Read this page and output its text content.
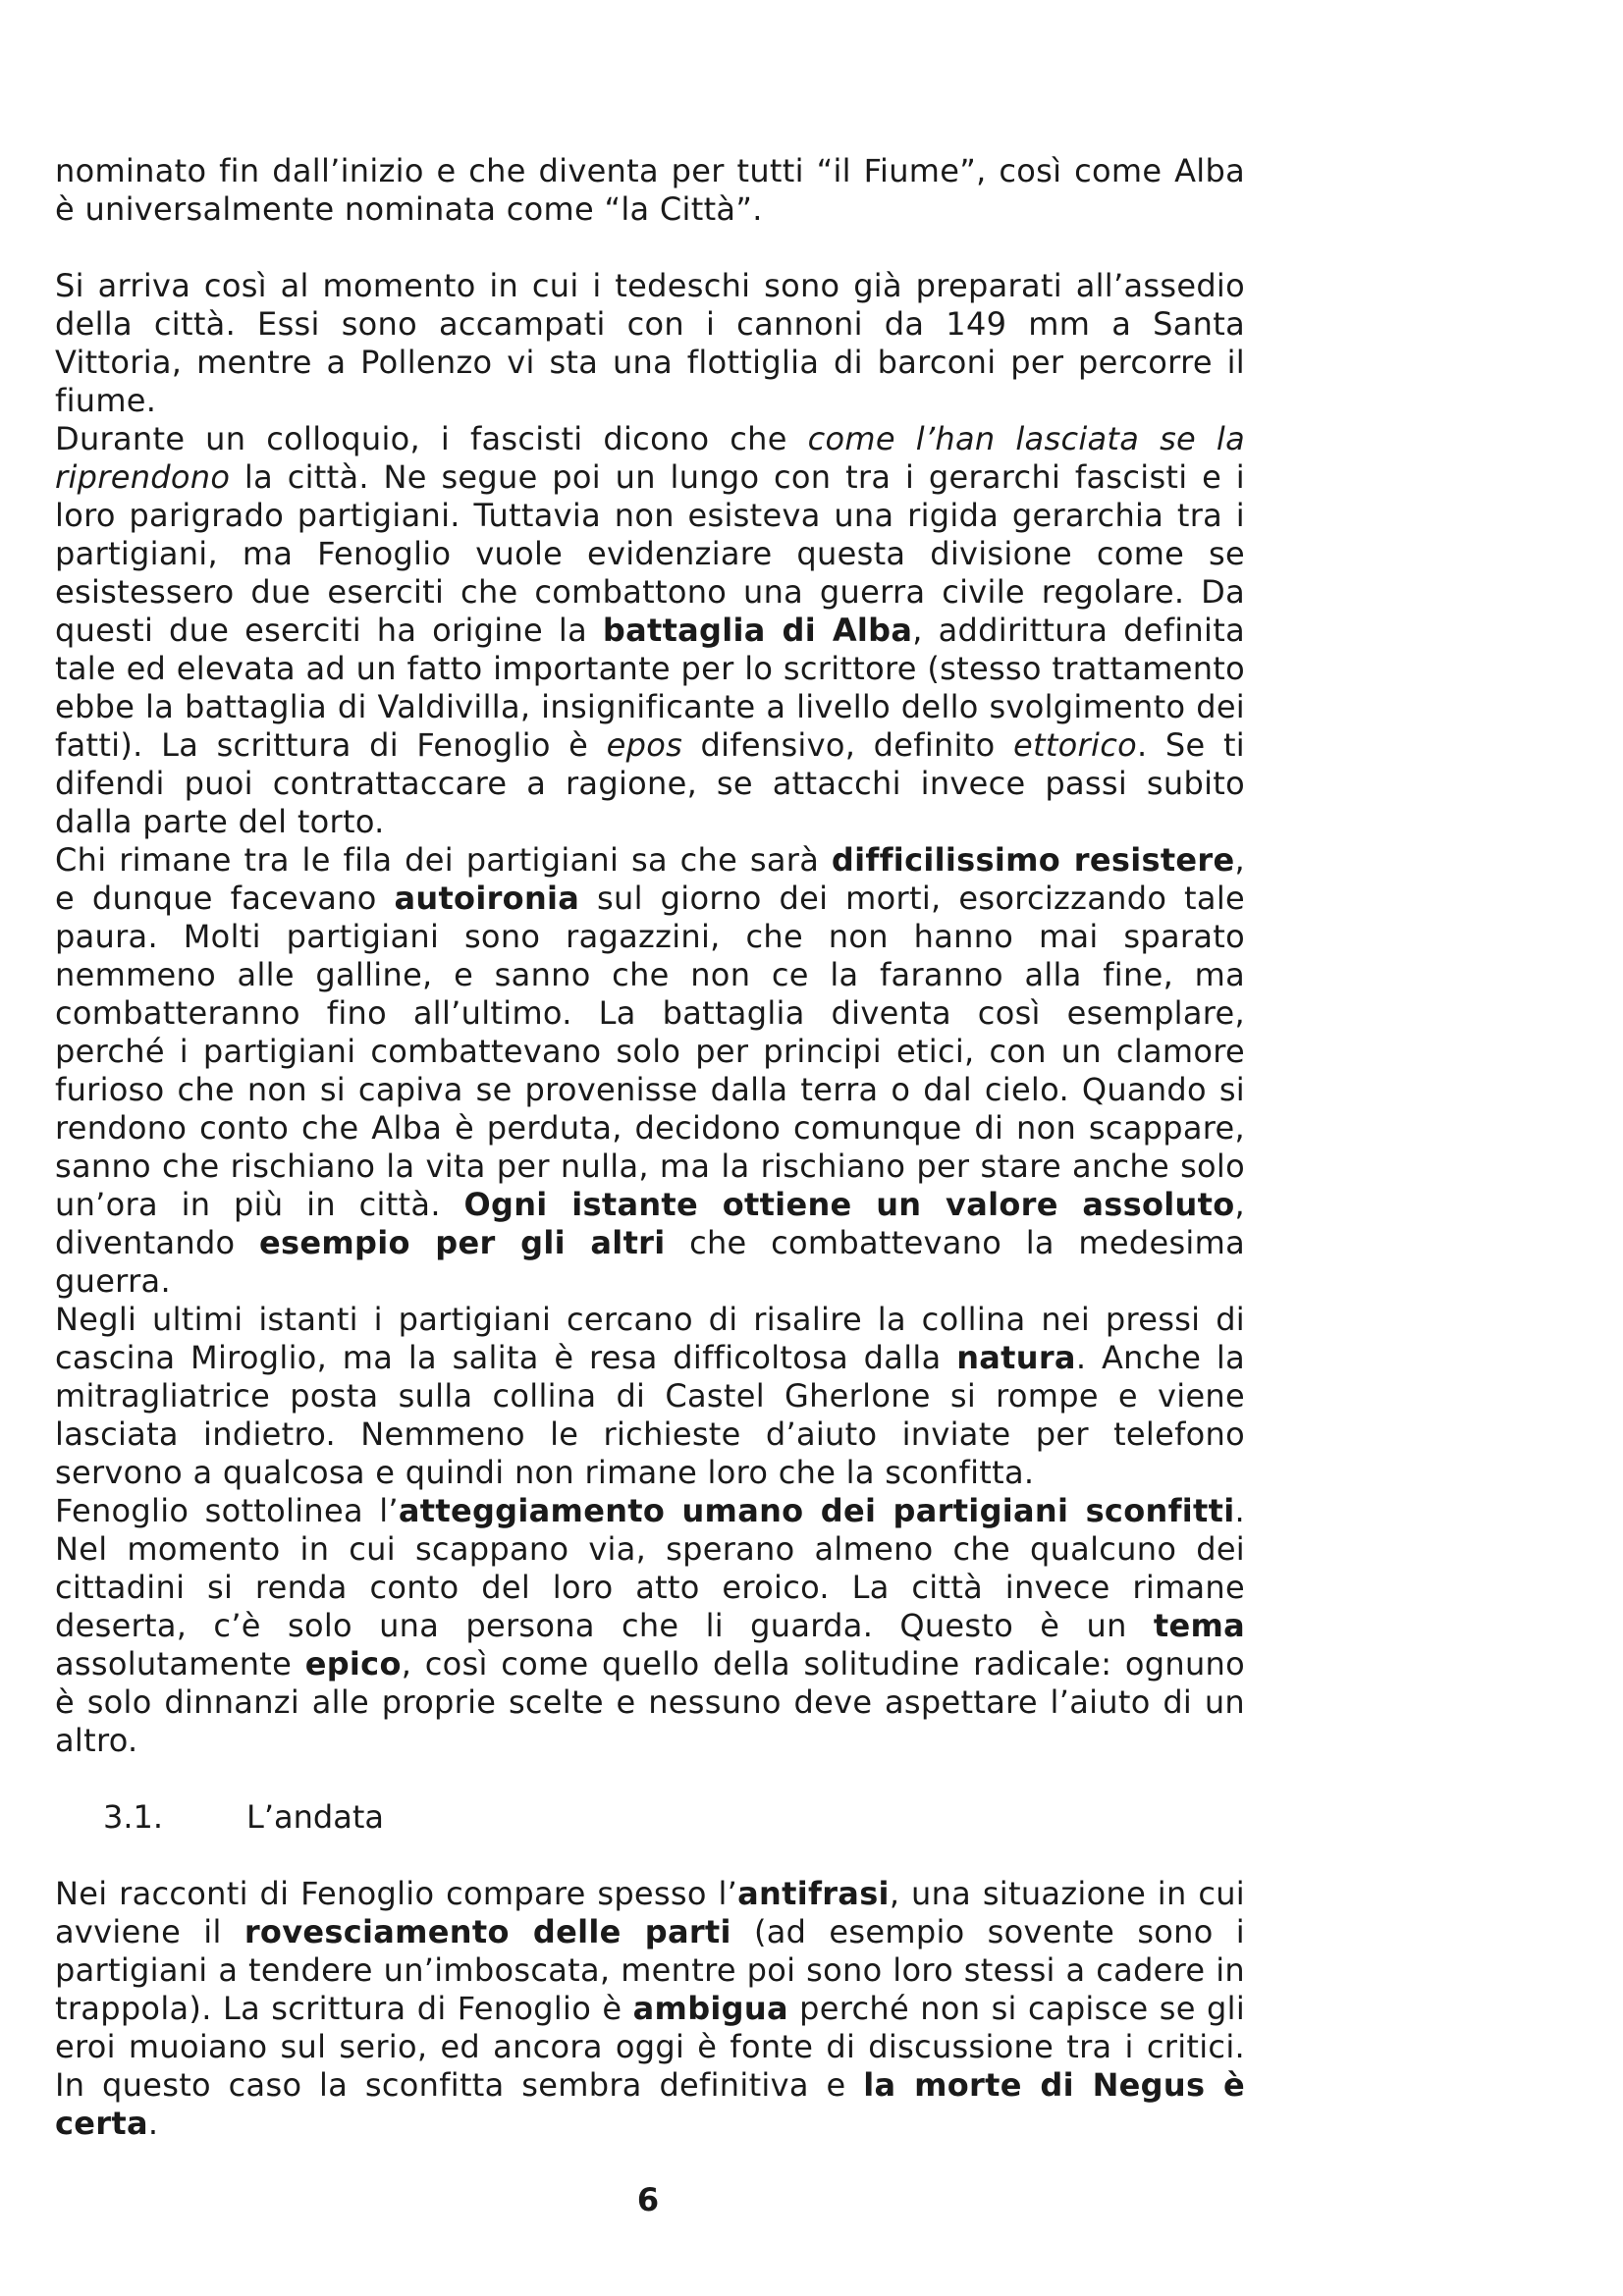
nominato fin dall’inizio e che diventa per tutti “il Fiume”, così come Alba è universalmente nominata come “la Città”.

Si arriva così al momento in cui i tedeschi sono già preparati all’assedio della città. Essi sono accampati con i cannoni da 149 mm a Santa Vittoria, mentre a Pollenzo vi sta una flottiglia di barconi per percorre il fiume.

Durante un colloquio, i fascisti dicono che come l’han lasciata se la riprendono la città. Ne segue poi un lungo con tra i gerarchi fascisti e i loro parigrado partigiani. Tuttavia non esisteva una rigida gerarchia tra i partigiani, ma Fenoglio vuole evidenziare questa divisione come se esistessero due eserciti che combattono una guerra civile regolare. Da questi due eserciti ha origine la battaglia di Alba, addirittura definita tale ed elevata ad un fatto importante per lo scrittore (stesso trattamento ebbe la battaglia di Valdivilla, insignificante a livello dello svolgimento dei fatti). La scrittura di Fenoglio è epos difensivo, definito ettorico. Se ti difendi puoi contrattaccare a ragione, se attacchi invece passi subito dalla parte del torto.

Chi rimane tra le fila dei partigiani sa che sarà difficilissimo resistere, e dunque facevano autoironia sul giorno dei morti, esorcizzando tale paura. Molti partigiani sono ragazzini, che non hanno mai sparato nemmeno alle galline, e sanno che non ce la faranno alla fine, ma combatteranno fino all’ultimo. La battaglia diventa così esemplare, perché i partigiani combattevano solo per principi etici, con un clamore furioso che non si capiva se provenisse dalla terra o dal cielo. Quando si rendono conto che Alba è perduta, decidono comunque di non scappare, sanno che rischiano la vita per nulla, ma la rischiano per stare anche solo un’ora in più in città. Ogni istante ottiene un valore assoluto, diventando esempio per gli altri che combattevano la medesima guerra.

Negli ultimi istanti i partigiani cercano di risalire la collina nei pressi di cascina Miroglio, ma la salita è resa difficoltosa dalla natura. Anche la mitragliatrice posta sulla collina di Castel Gherlone si rompe e viene lasciata indietro. Nemmeno le richieste d’aiuto inviate per telefono servono a qualcosa e quindi non rimane loro che la sconfitta.

Fenoglio sottolinea l’atteggiamento umano dei partigiani sconfitti. Nel momento in cui scappano via, sperano almeno che qualcuno dei cittadini si renda conto del loro atto eroico. La città invece rimane deserta, c’è solo una persona che li guarda. Questo è un tema assolutamente epico, così come quello della solitudine radicale: ognuno è solo dinnanzi alle proprie scelte e nessuno deve aspettare l’aiuto di un altro.

3.1.	L’andata

Nei racconti di Fenoglio compare spesso l’antifrasi, una situazione in cui avviene il rovesciamento delle parti (ad esempio sovente sono i partigiani a tendere un’imboscata, mentre poi sono loro stessi a cadere in trappola). La scrittura di Fenoglio è ambigua perché non si capisce se gli eroi muoiano sul serio, ed ancora oggi è fonte di discussione tra i critici. In questo caso la sconfitta sembra definitiva e la morte di Negus è certa.

6
